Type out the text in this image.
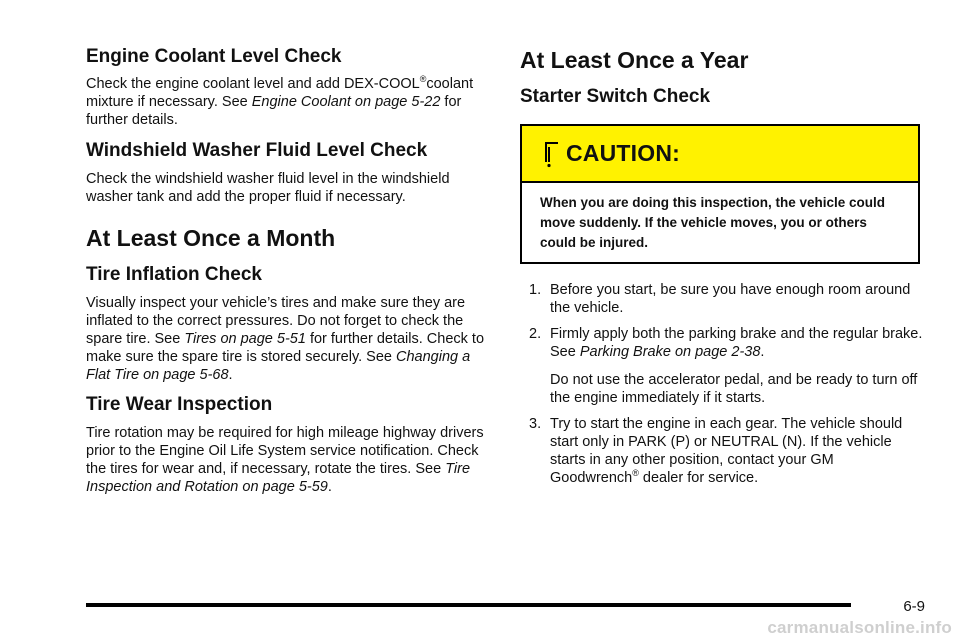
Engine Coolant Level Check

Check the engine coolant level and add DEX-COOL®coolant mixture if necessary. See Engine Coolant on page 5-22 for further details.

Windshield Washer Fluid Level Check

Check the windshield washer fluid level in the windshield washer tank and add the proper fluid if necessary.

At Least Once a Month
Tire Inflation Check

Visually inspect your vehicle’s tires and make sure they are inflated to the correct pressures. Do not forget to check the spare tire. See Tires on page 5-51 for further details. Check to make sure the spare tire is stored securely. See Changing a Flat Tire on page 5-68.

Tire Wear Inspection

Tire rotation may be required for high mileage highway drivers prior to the Engine Oil Life System service notification. Check the tires for wear and, if necessary, rotate the tires. See Tire Inspection and Rotation on page 5-59.

At Least Once a Year
Starter Switch Check
CAUTION:
When you are doing this inspection, the vehicle could move suddenly. If the vehicle moves, you or others could be injured.
1. Before you start, be sure you have enough room around the vehicle.
2. Firmly apply both the parking brake and the regular brake. See Parking Brake on page 2-38.
Do not use the accelerator pedal, and be ready to turn off the engine immediately if it starts.
3. Try to start the engine in each gear. The vehicle should start only in PARK (P) or NEUTRAL (N). If the vehicle starts in any other position, contact your GM Goodwrench® dealer for service.
6-9
carmanualsonline.info
